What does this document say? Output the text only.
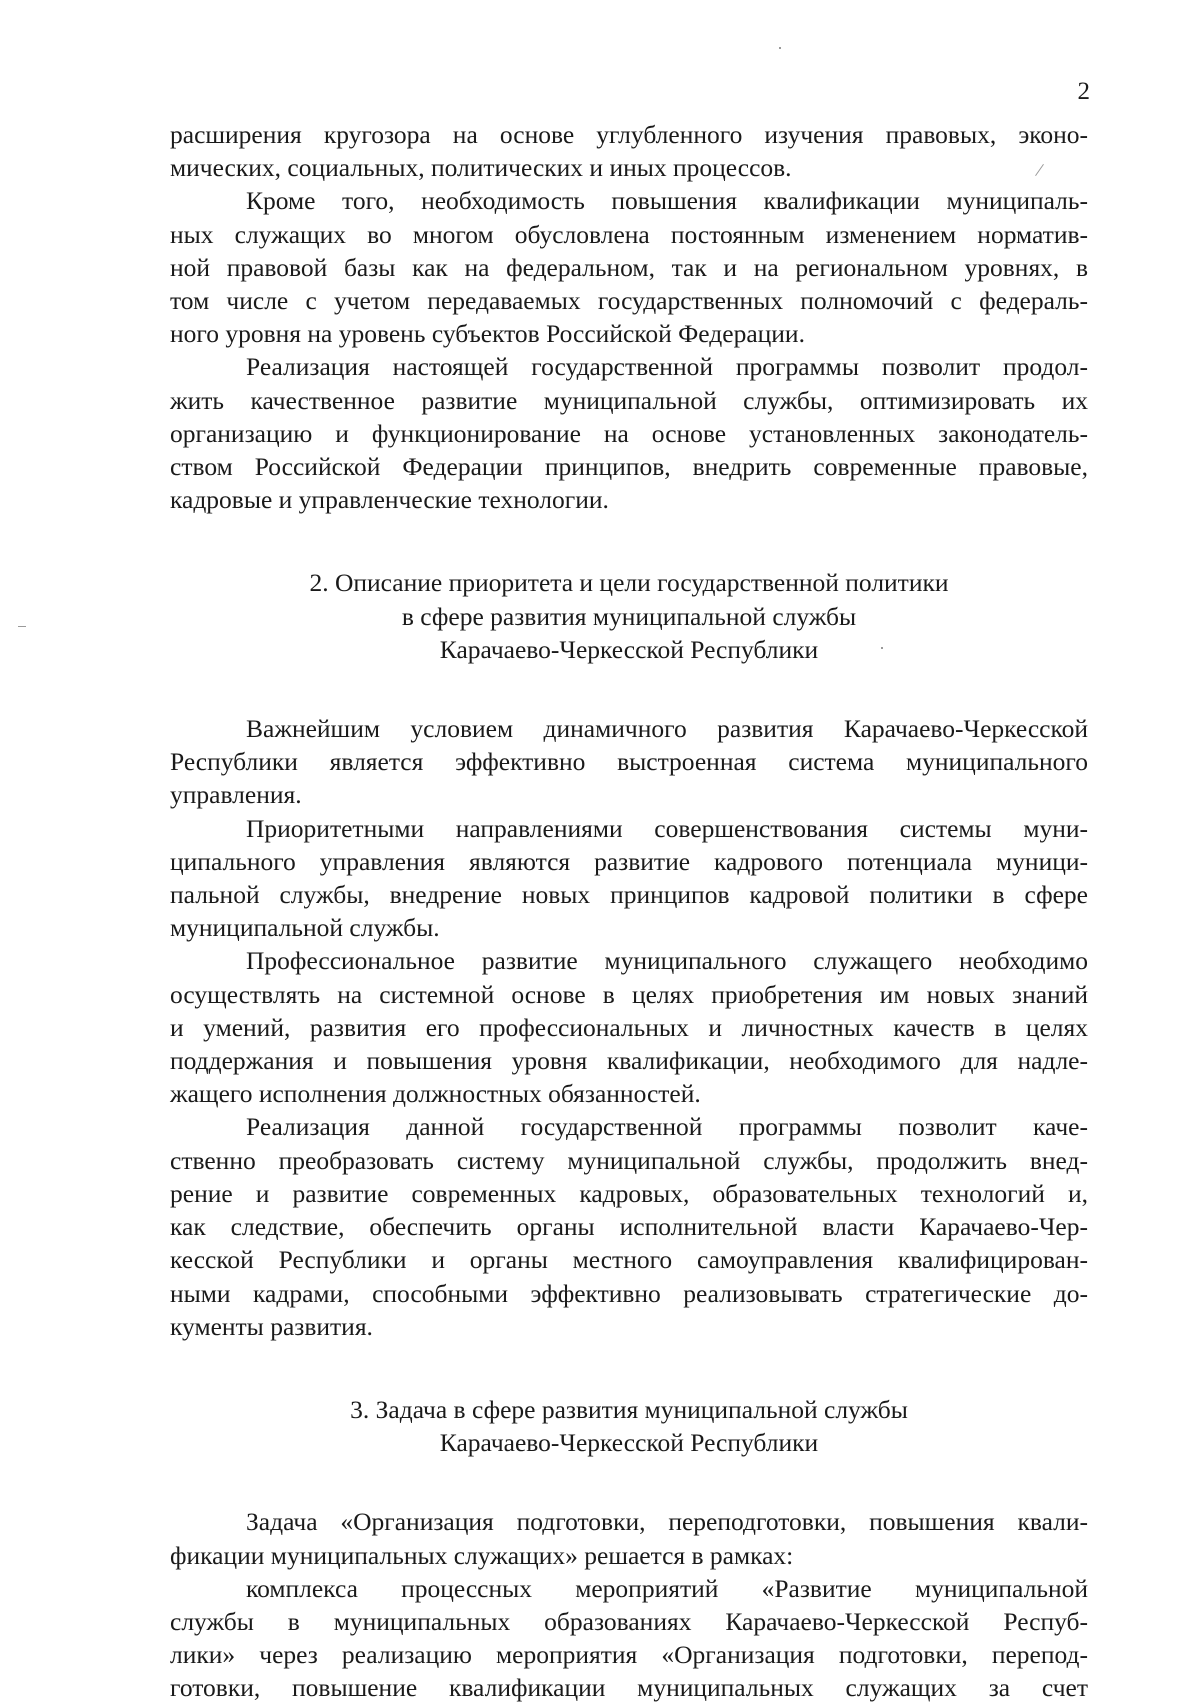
2
расширения кругозора на основе углубленного изучения правовых, эконо-
мических, социальных, политических и иных процессов.
Кроме того, необходимость повышения квалификации муниципаль-
ных служащих во многом обусловлена постоянным изменением норматив-
ной правовой базы как на федеральном, так и на региональном уровнях, в
том числе с учетом передаваемых государственных полномочий с федераль-
ного уровня на уровень субъектов Российской Федерации.
Реализация настоящей государственной программы позволит продол-
жить качественное развитие муниципальной службы, оптимизировать их
организацию и функционирование на основе установленных законодатель-
ством Российской Федерации принципов, внедрить современные правовые,
кадровые и управленческие технологии.
2. Описание приоритета и цели государственной политики
в сфере развития муниципальной службы
Карачаево-Черкесской Республики
Важнейшим условием динамичного развития Карачаево-Черкесской
Республики является эффективно выстроенная система муниципального
управления.
Приоритетными направлениями совершенствования системы муни-
ципального управления являются развитие кадрового потенциала муници-
пальной службы, внедрение новых принципов кадровой политики в сфере
муниципальной службы.
Профессиональное развитие муниципального служащего необходимо
осуществлять на системной основе в целях приобретения им новых знаний
и умений, развития его профессиональных и личностных качеств в целях
поддержания и повышения уровня квалификации, необходимого для надле-
жащего исполнения должностных обязанностей.
Реализация данной государственной программы позволит каче-
ственно преобразовать систему муниципальной службы, продолжить внед-
рение и развитие современных кадровых, образовательных технологий и,
как следствие, обеспечить органы исполнительной власти Карачаево-Чер-
кесской Республики и органы местного самоуправления квалифицирован-
ными кадрами, способными эффективно реализовывать стратегические до-
кументы развития.
3. Задача в сфере развития муниципальной службы
Карачаево-Черкесской Республики
Задача «Организация подготовки, переподготовки, повышения квали-
фикации муниципальных служащих» решается в рамках:
комплекса процессных мероприятий «Развитие муниципальной
службы в муниципальных образованиях Карачаево-Черкесской Респуб-
лики» через реализацию мероприятия «Организация подготовки, перепод-
готовки, повышение квалификации муниципальных служащих за счет
